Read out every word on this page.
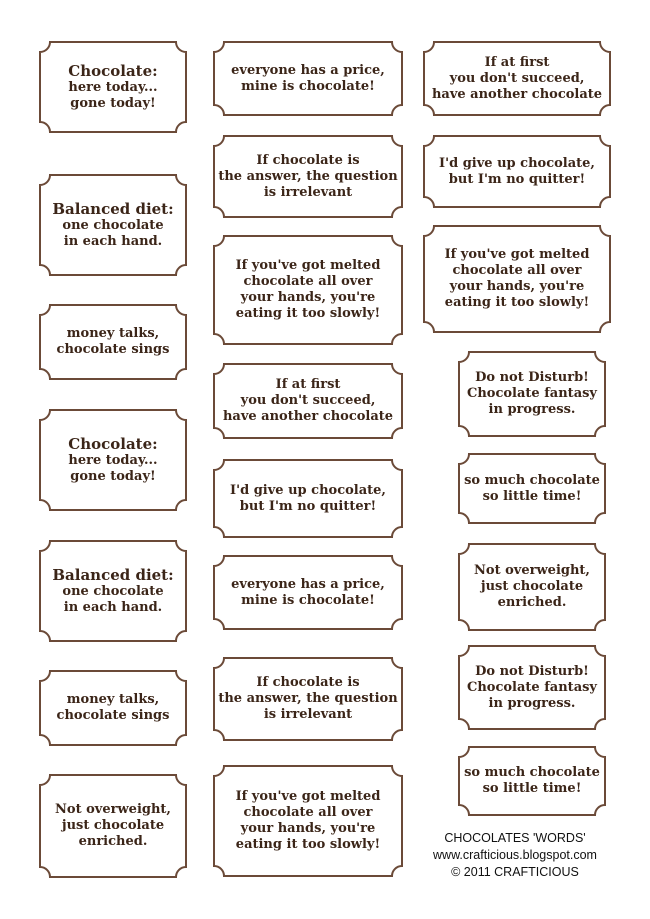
Chocolate:
here today...
gone today!
everyone has a price,
mine is chocolate!
If at first
you don't succeed,
have another chocolate
If chocolate is
the answer, the question
is irrelevant
I'd give up chocolate,
but I'm no quitter!
Balanced diet:
one chocolate
in each hand.
If you've got melted
chocolate all over
your hands, you're
eating it too slowly!
If you've got melted
chocolate all over
your hands, you're
eating it too slowly!
money talks,
chocolate sings
Do not Disturb!
Chocolate fantasy
in progress.
If at first
you don't succeed,
have another chocolate
Chocolate:
here today...
gone today!	so much chocolate
so little time!
I'd give up chocolate,
but I'm no quitter!
Balanced diet:
one chocolate
in each hand.
Not overweight,
just chocolate
enriched.
everyone has a price,
mine is chocolate!
Do not Disturb!
Chocolate fantasy
in progress.
money talks,
chocolate sings
If chocolate is
the answer, the question
is irrelevant
so much chocolate
so little time!
Not overweight,
just chocolate
enriched.
If you've got melted
chocolate all over
your hands, you're
eating it too slowly!	CHOCOLATES 'WORDS'
www.crafticious.blogspot.com
© 2011 CRAFTICIOUS
